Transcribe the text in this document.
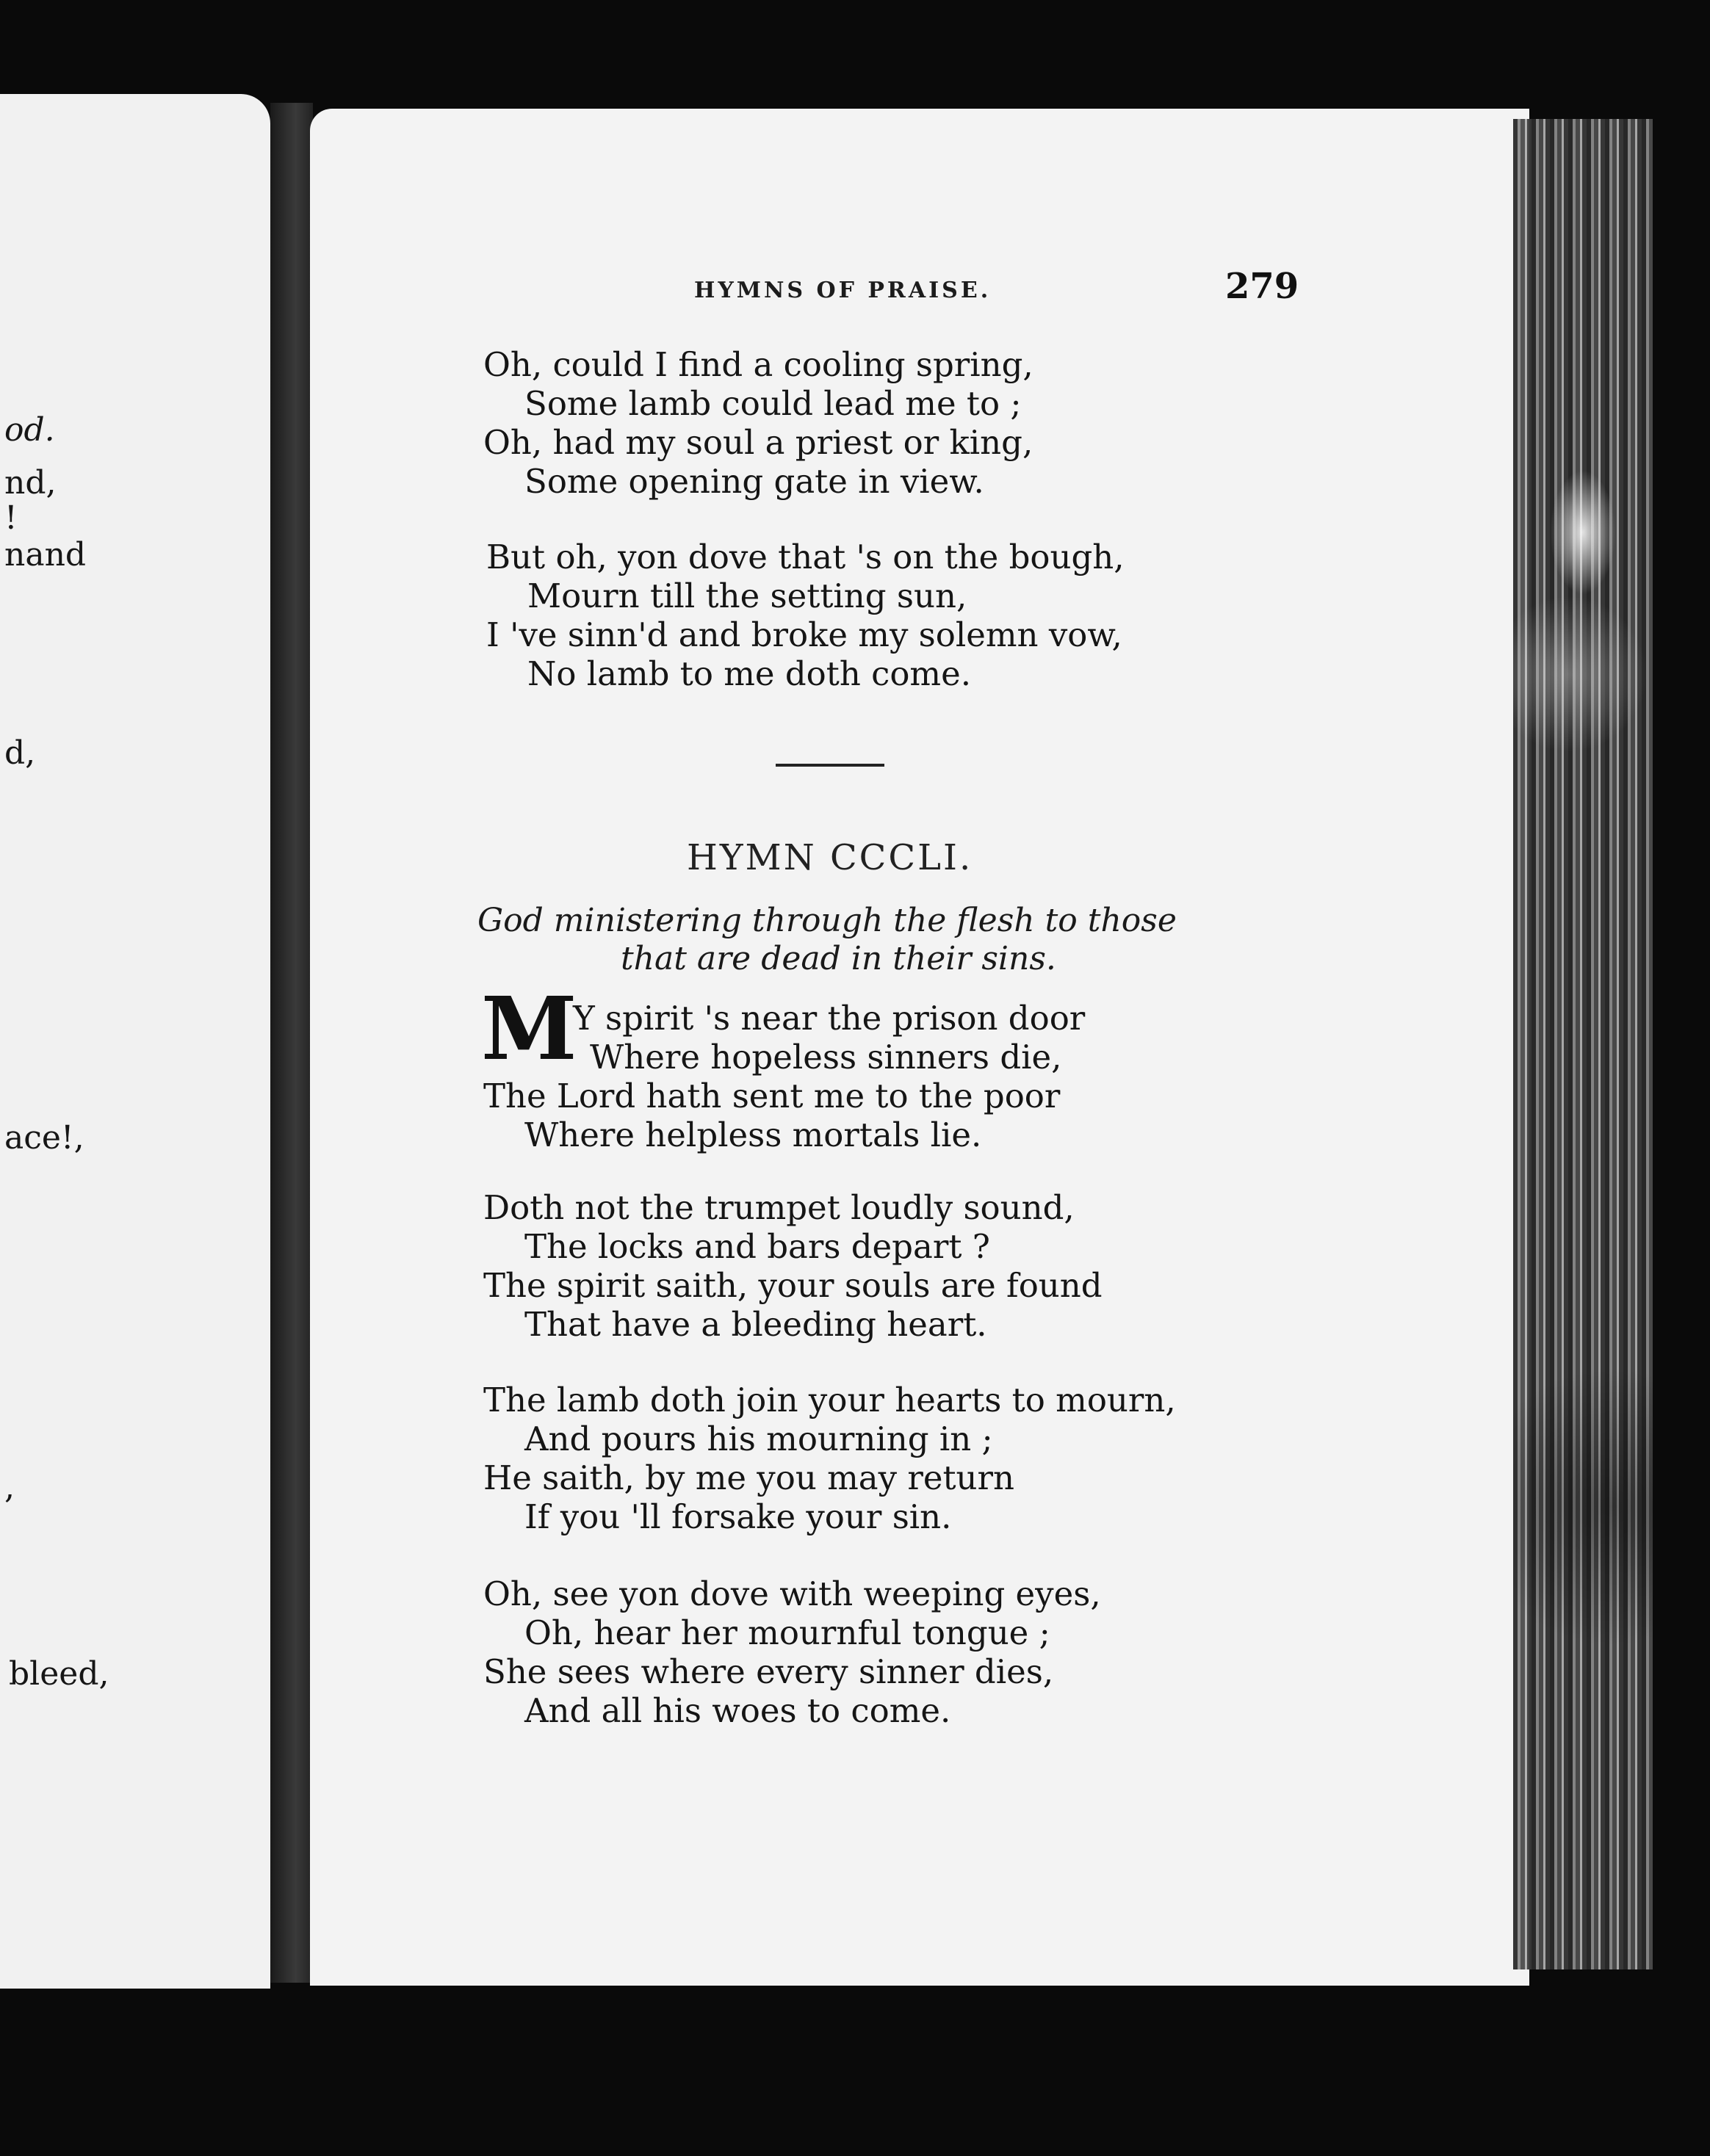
od.
nd,
!
nand
d,
ace!,
,
bleed,
HYMNS OF PRAISE.	279
Oh, could I find a cooling spring,
Some lamb could lead me to ;
Oh, had my soul a priest or king,
Some opening gate in view.
But oh, yon dove that 's on the bough,
Mourn till the setting sun,
I 've sinn'd and broke my solemn vow,
No lamb to me doth come.
HYMN CCCLI.
God ministering through the flesh to those
that are dead in their sins.
M
Y spirit 's near the prison door
Where hopeless sinners die,
The Lord hath sent me to the poor
Where helpless mortals lie.
Doth not the trumpet loudly sound,
The locks and bars depart ?
The spirit saith, your souls are found
That have a bleeding heart.
The lamb doth join your hearts to mourn,
And pours his mourning in ;
He saith, by me you may return
If you 'll forsake your sin.
Oh, see yon dove with weeping eyes,
Oh, hear her mournful tongue ;
She sees where every sinner dies,
And all his woes to come.
